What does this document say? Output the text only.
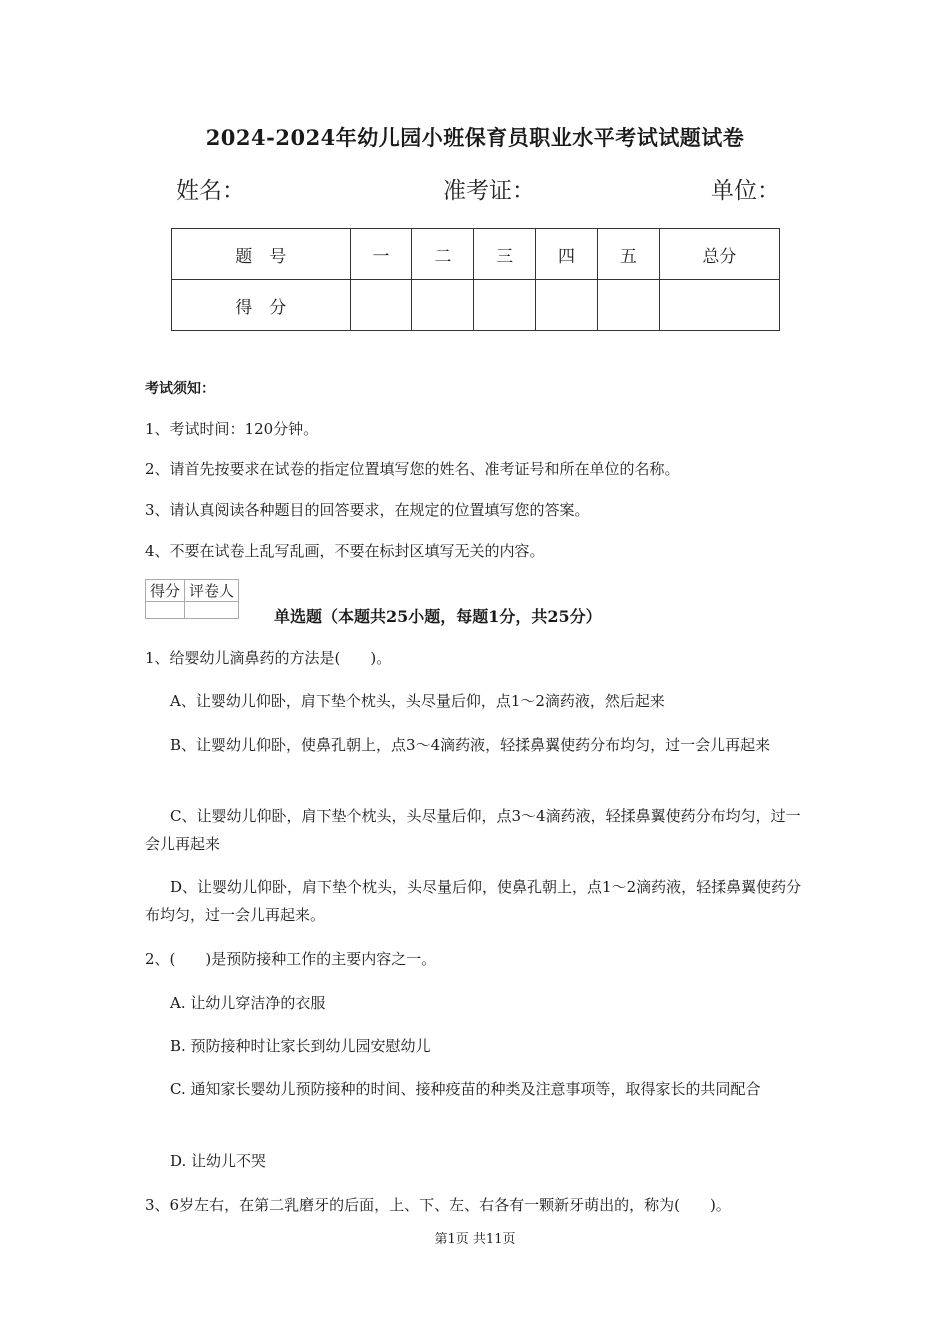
2024-2024年幼儿园小班保育员职业水平考试试题试卷
姓名：	准考证：	单位：
题　号	一	二	三	四	五	总分
得　分						
考试须知：
1、考试时间：120分钟。
2、请首先按要求在试卷的指定位置填写您的姓名、准考证号和所在单位的名称。
3、请认真阅读各种题目的回答要求，在规定的位置填写您的答案。
4、不要在试卷上乱写乱画，不要在标封区填写无关的内容。
得分	评卷人

单选题（本题共25小题，每题1分，共25分）
1、给婴幼儿滴鼻药的方法是(　　)。
A、让婴幼儿仰卧，肩下垫个枕头，头尽量后仰，点1～2滴药液，然后起来
B、让婴幼儿仰卧，使鼻孔朝上，点3～4滴药液，轻揉鼻翼使药分布均匀，过一会儿再起来
C、让婴幼儿仰卧，肩下垫个枕头，头尽量后仰，点3～4滴药液，轻揉鼻翼使药分布均匀，过一会儿再起来
D、让婴幼儿仰卧，肩下垫个枕头，头尽量后仰，使鼻孔朝上，点1～2滴药液，轻揉鼻翼使药分布均匀，过一会儿再起来。
2、(　　)是预防接种工作的主要内容之一。
A. 让幼儿穿洁净的衣服
B. 预防接种时让家长到幼儿园安慰幼儿
C. 通知家长婴幼儿预防接种的时间、接种疫苗的种类及注意事项等，取得家长的共同配合
D. 让幼儿不哭
3、6岁左右，在第二乳磨牙的后面，上、下、左、右各有一颗新牙萌出的，称为(　　)。
第1页 共11页
